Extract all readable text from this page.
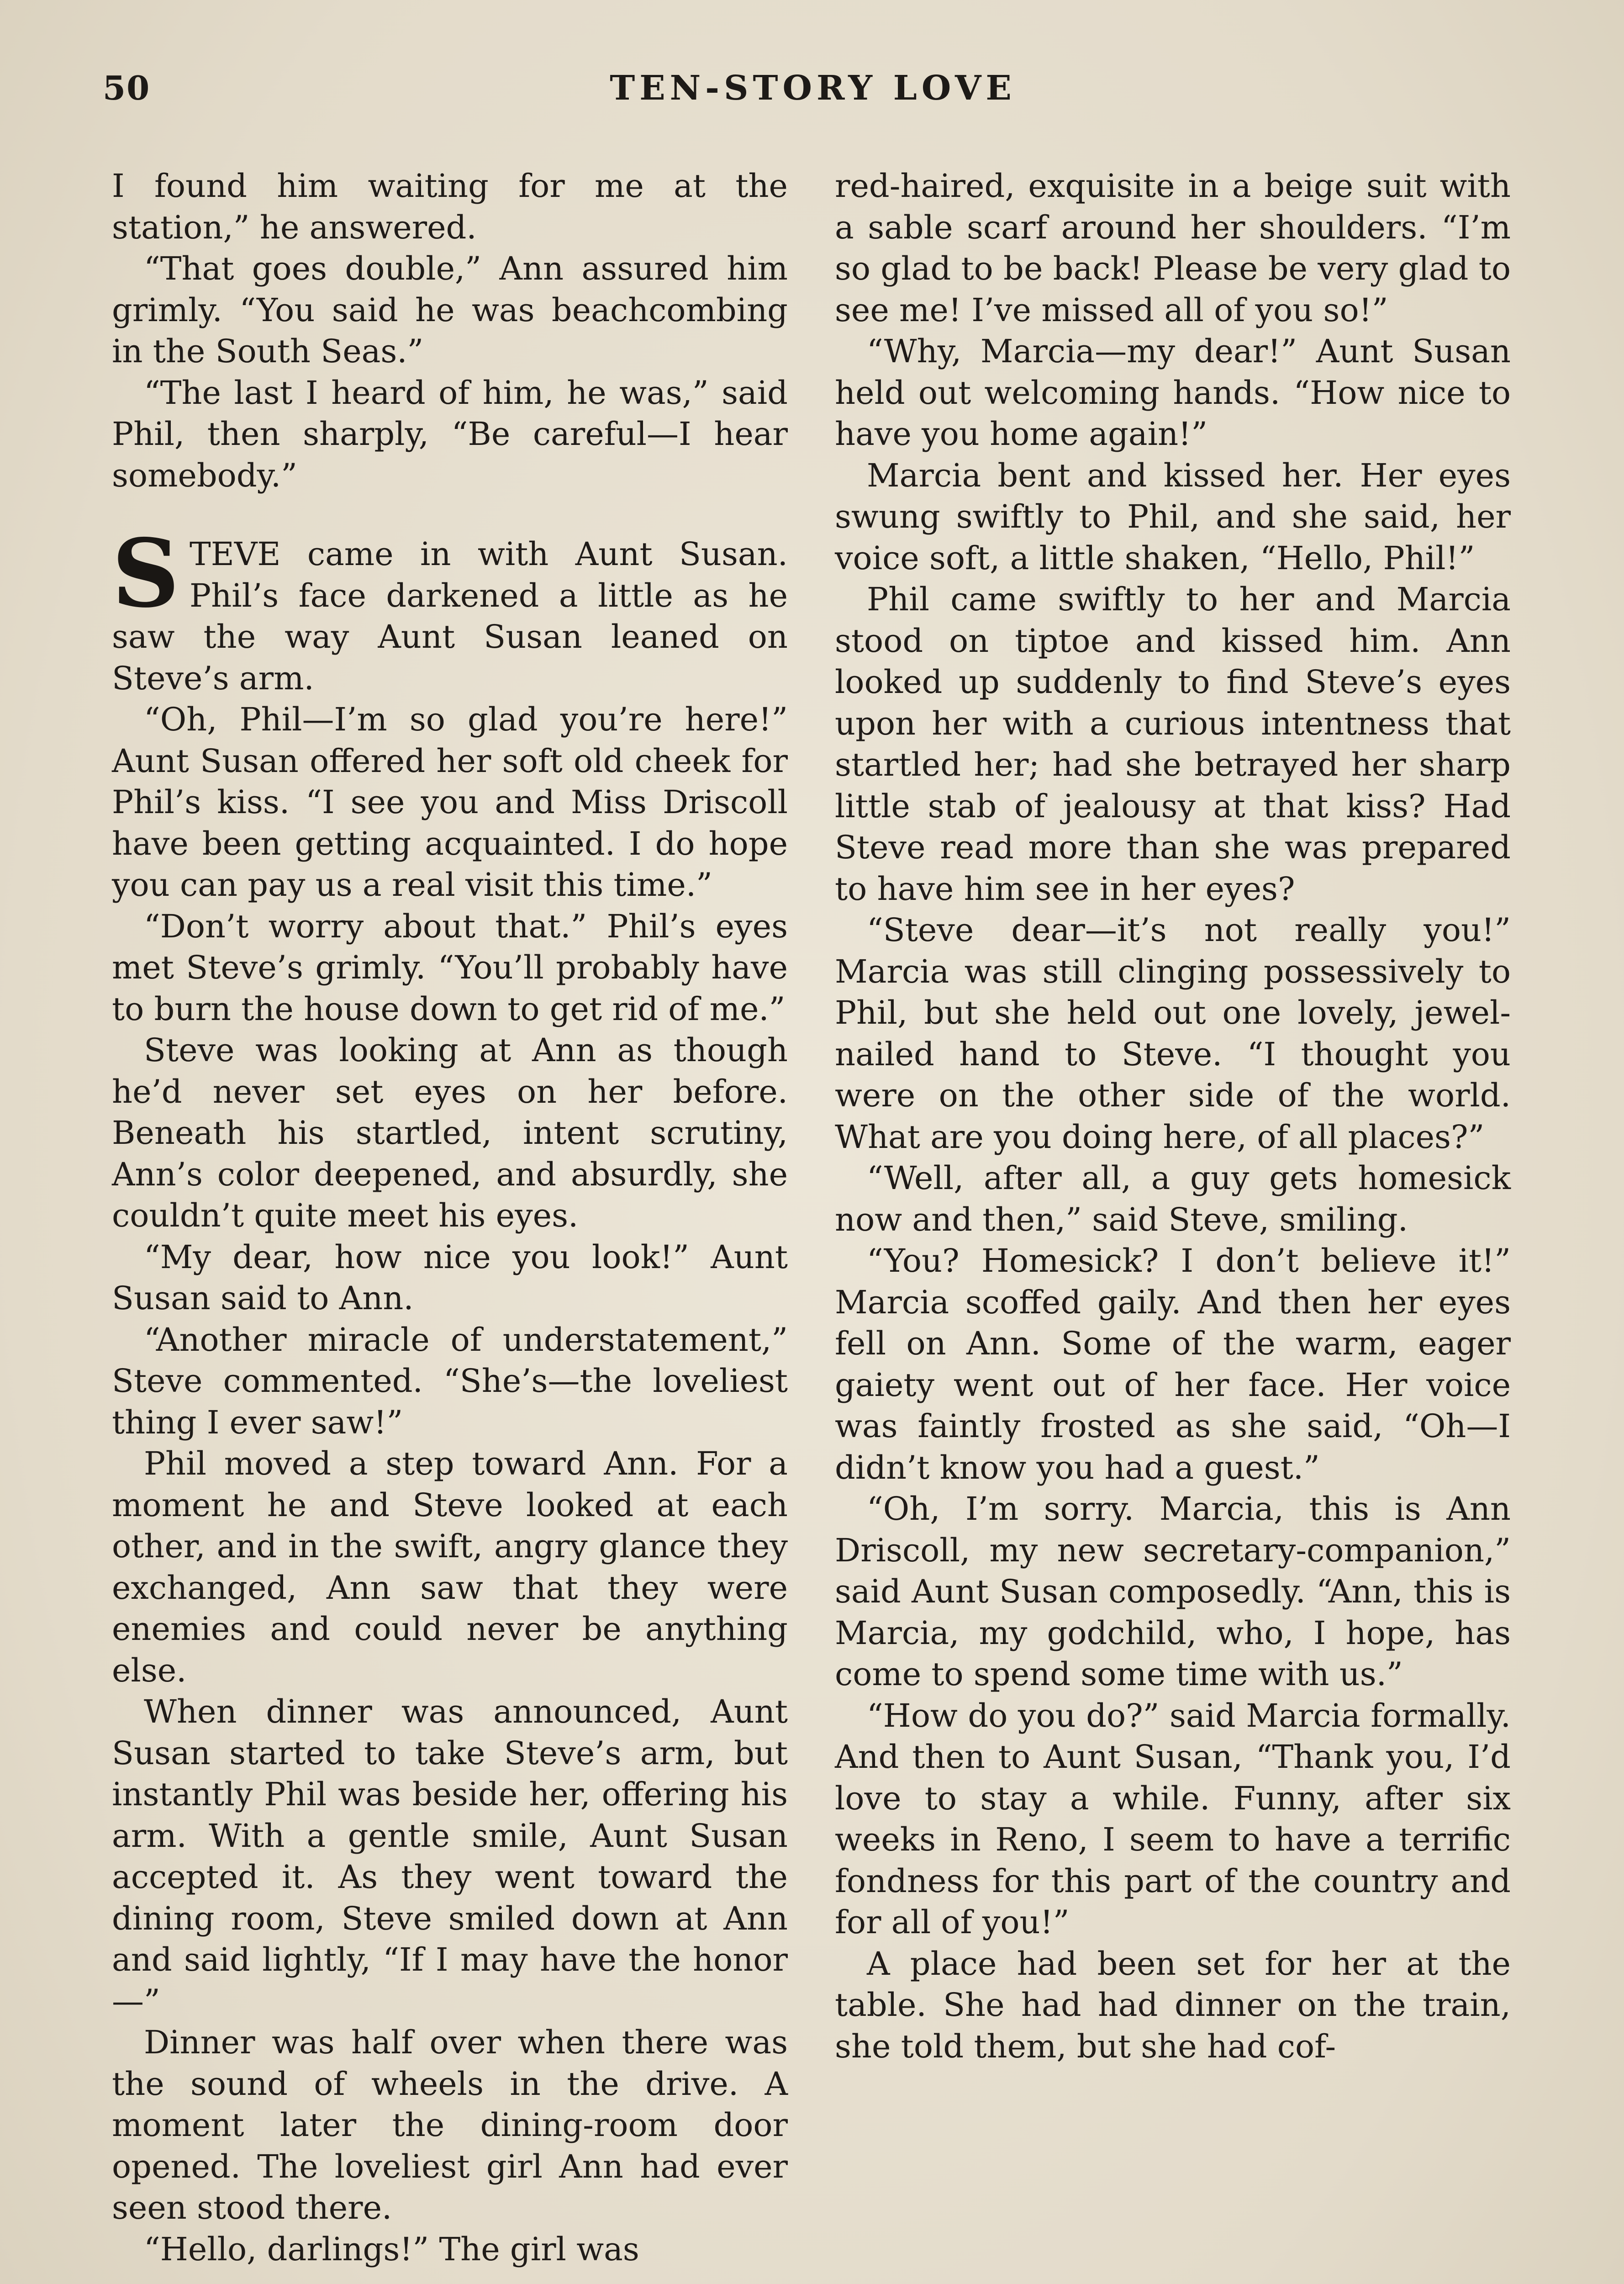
50	TEN-STORY LOVE

I found him waiting for me at the station,” he answered.

“That goes double,” Ann assured him grimly. “You said he was beachcombing in the South Seas.”

“The last I heard of him, he was,” said Phil, then sharply, “Be careful—I hear somebody.”

STEVE came in with Aunt Susan. Phil’s face darkened a little as he saw the way Aunt Susan leaned on Steve’s arm.

“Oh, Phil—I’m so glad you’re here!” Aunt Susan offered her soft old cheek for Phil’s kiss. “I see you and Miss Driscoll have been getting acquainted. I do hope you can pay us a real visit this time.”

“Don’t worry about that.” Phil’s eyes met Steve’s grimly. “You’ll probably have to burn the house down to get rid of me.”

Steve was looking at Ann as though he’d never set eyes on her before. Beneath his startled, intent scrutiny, Ann’s color deepened, and absurdly, she couldn’t quite meet his eyes.

“My dear, how nice you look!” Aunt Susan said to Ann.

“Another miracle of understatement,” Steve commented. “She’s—the loveliest thing I ever saw!”

Phil moved a step toward Ann. For a moment he and Steve looked at each other, and in the swift, angry glance they exchanged, Ann saw that they were enemies and could never be anything else.

When dinner was announced, Aunt Susan started to take Steve’s arm, but instantly Phil was beside her, offering his arm. With a gentle smile, Aunt Susan accepted it. As they went toward the dining room, Steve smiled down at Ann and said lightly, “If I may have the honor—”

Dinner was half over when there was the sound of wheels in the drive. A moment later the dining-room door opened. The loveliest girl Ann had ever seen stood there.

“Hello, darlings!” The girl was

red-haired, exquisite in a beige suit with a sable scarf around her shoulders. “I’m so glad to be back! Please be very glad to see me! I’ve missed all of you so!”

“Why, Marcia—my dear!” Aunt Susan held out welcoming hands. “How nice to have you home again!”

Marcia bent and kissed her. Her eyes swung swiftly to Phil, and she said, her voice soft, a little shaken, “Hello, Phil!”

Phil came swiftly to her and Marcia stood on tiptoe and kissed him. Ann looked up suddenly to find Steve’s eyes upon her with a curious intentness that startled her; had she betrayed her sharp little stab of jealousy at that kiss? Had Steve read more than she was prepared to have him see in her eyes?

“Steve dear—it’s not really you!” Marcia was still clinging possessively to Phil, but she held out one lovely, jewel-nailed hand to Steve. “I thought you were on the other side of the world. What are you doing here, of all places?”

“Well, after all, a guy gets homesick now and then,” said Steve, smiling.

“You? Homesick? I don’t believe it!” Marcia scoffed gaily. And then her eyes fell on Ann. Some of the warm, eager gaiety went out of her face. Her voice was faintly frosted as she said, “Oh—I didn’t know you had a guest.”

“Oh, I’m sorry. Marcia, this is Ann Driscoll, my new secretary-companion,” said Aunt Susan composedly. “Ann, this is Marcia, my godchild, who, I hope, has come to spend some time with us.”

“How do you do?” said Marcia formally. And then to Aunt Susan, “Thank you, I’d love to stay a while. Funny, after six weeks in Reno, I seem to have a terrific fondness for this part of the country and for all of you!”

A place had been set for her at the table. She had had dinner on the train, she told them, but she had cof-
